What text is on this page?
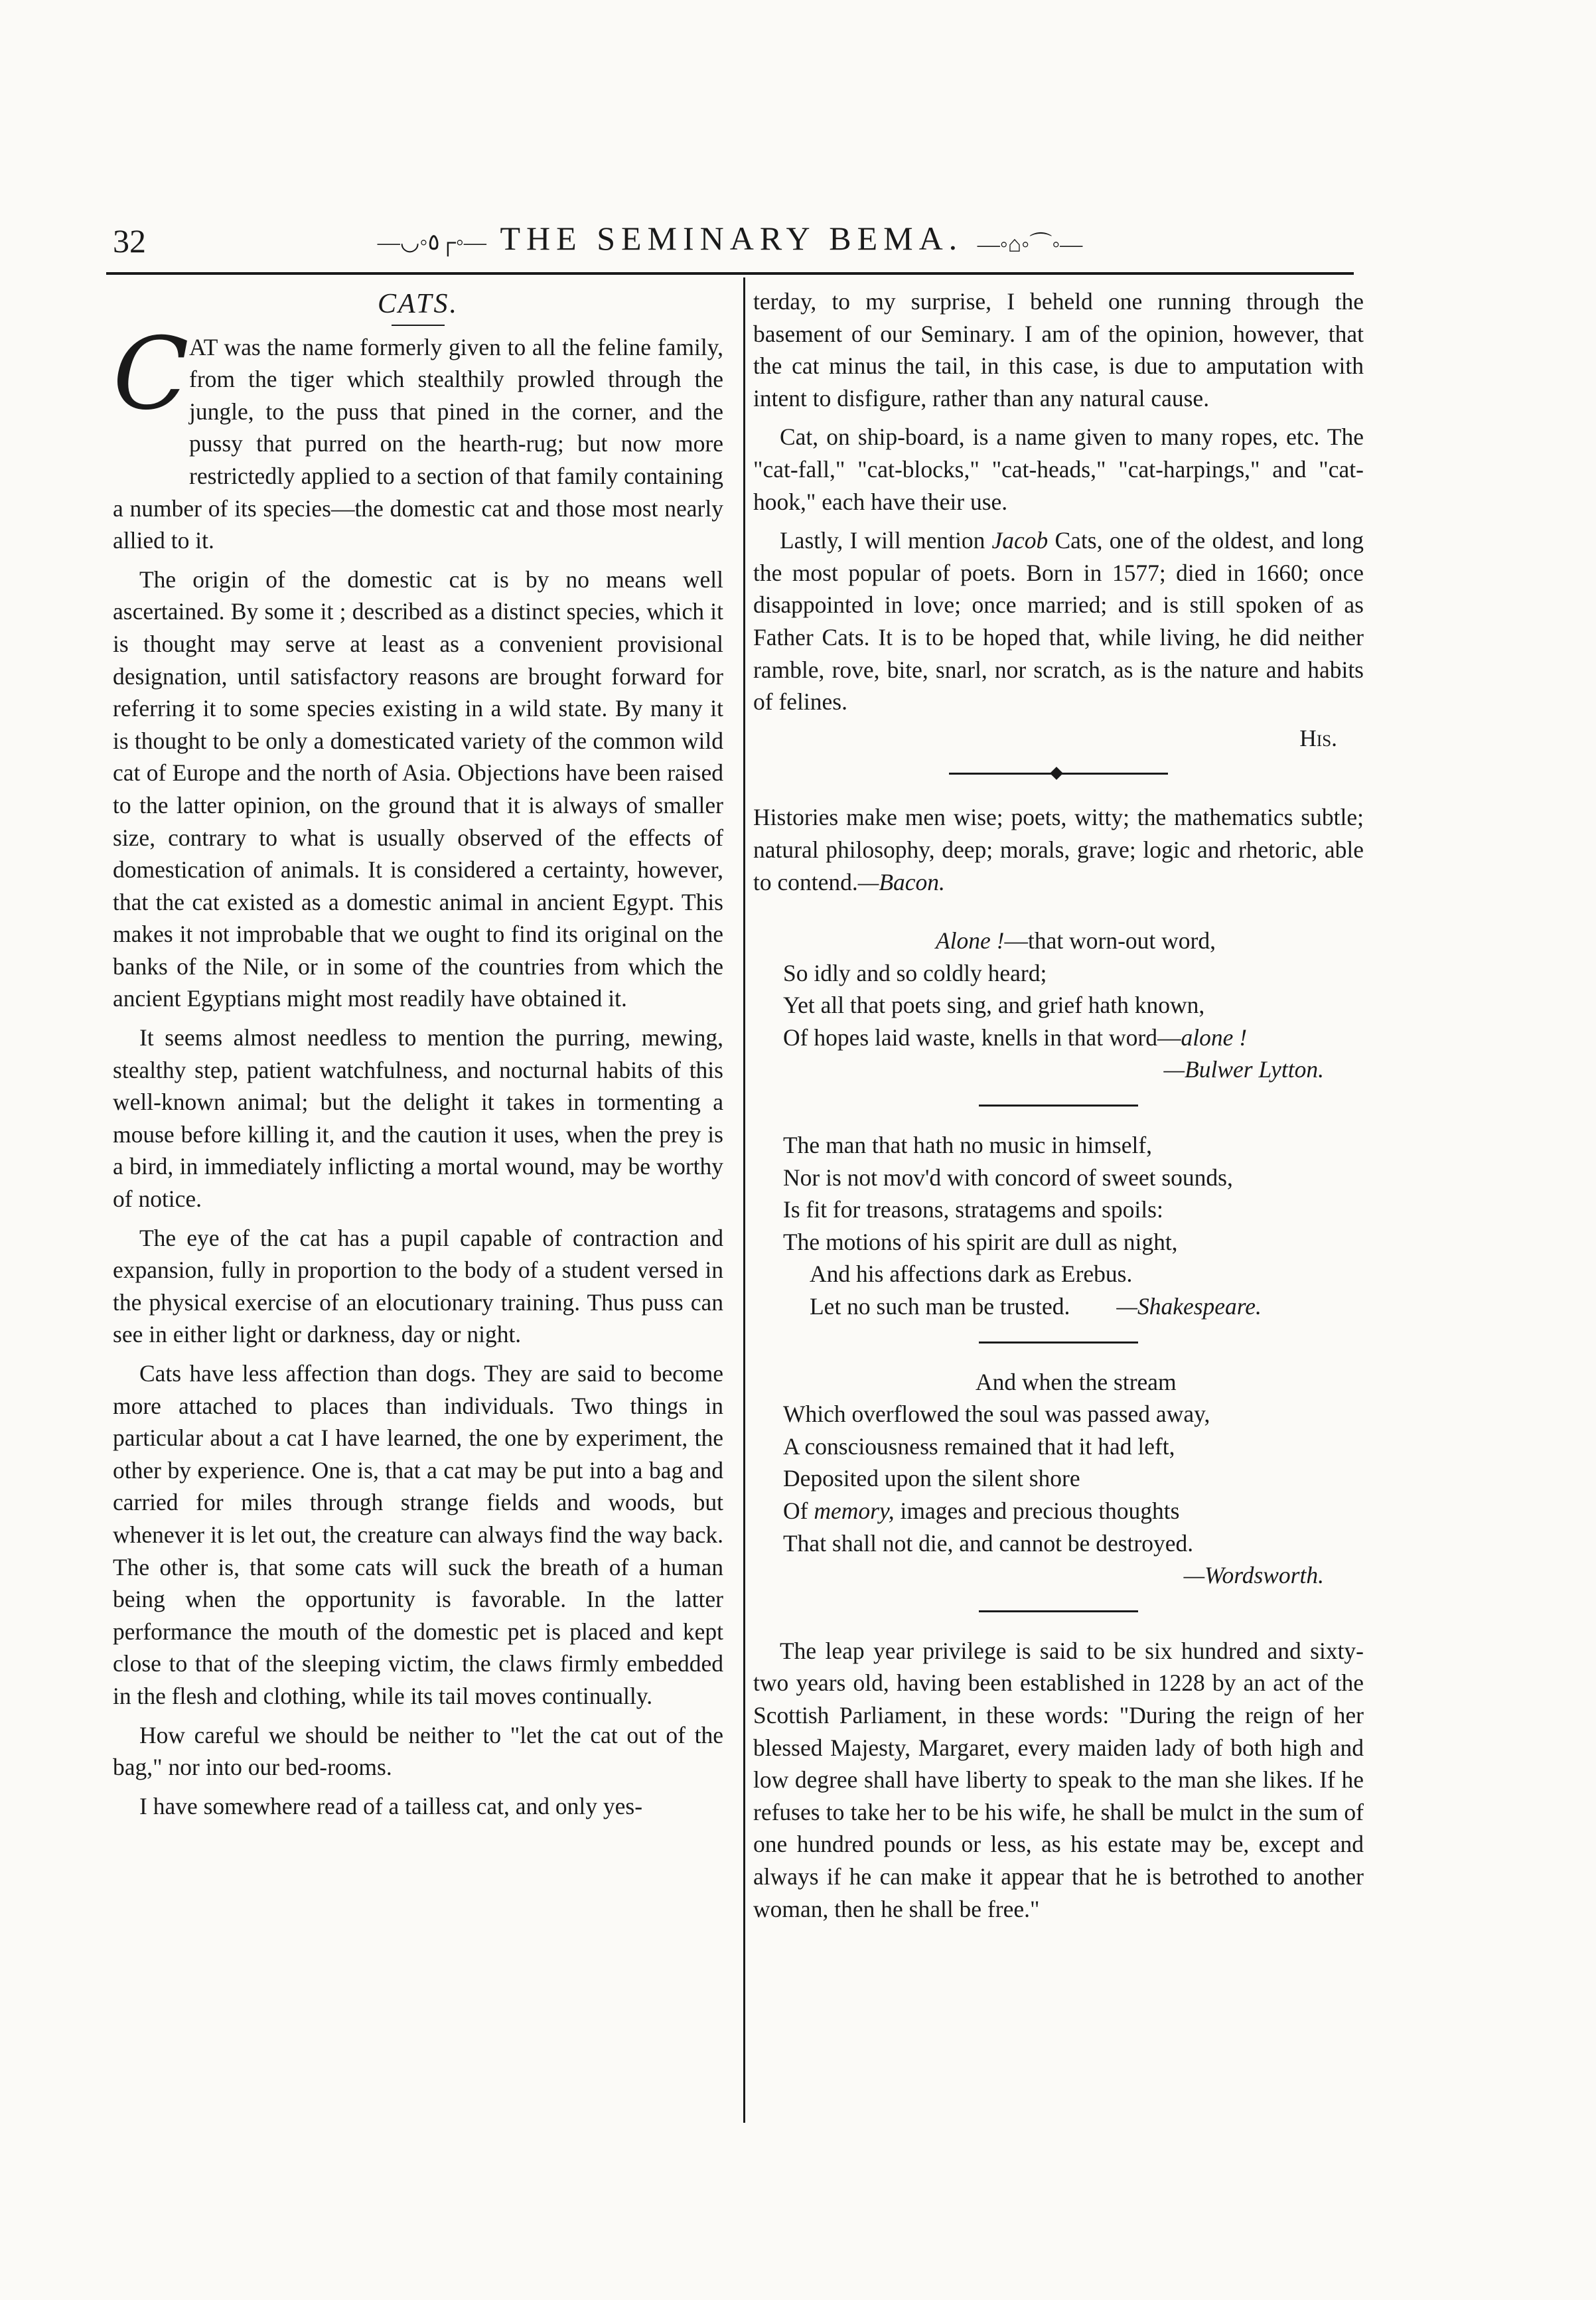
32	—◡◦٥┌◦— THE SEMINARY BEMA. —◦⌂◦⌒◦—
CATS.

CAT was the name formerly given to all the feline family, from the tiger which stealthily prowled through the jungle, to the puss that pined in the corner, and the pussy that purred on the hearth-rug; but now more restrictedly applied to a section of that family containing a number of its species—the domestic cat and those most nearly allied to it.

The origin of the domestic cat is by no means well ascertained. By some it ; described as a distinct species, which it is thought may serve at least as a convenient provisional designation, until satisfactory reasons are brought forward for referring it to some species existing in a wild state. By many it is thought to be only a domesticated variety of the common wild cat of Europe and the north of Asia. Objections have been raised to the latter opinion, on the ground that it is always of smaller size, contrary to what is usually observed of the effects of domestication of animals. It is considered a certainty, however, that the cat existed as a domestic animal in ancient Egypt. This makes it not improbable that we ought to find its original on the banks of the Nile, or in some of the countries from which the ancient Egyptians might most readily have obtained it.

It seems almost needless to mention the purring, mewing, stealthy step, patient watchfulness, and nocturnal habits of this well-known animal; but the delight it takes in tormenting a mouse before killing it, and the caution it uses, when the prey is a bird, in immediately inflicting a mortal wound, may be worthy of notice.

The eye of the cat has a pupil capable of contraction and expansion, fully in proportion to the body of a student versed in the physical exercise of an elocutionary training. Thus puss can see in either light or darkness, day or night.

Cats have less affection than dogs. They are said to become more attached to places than individuals. Two things in particular about a cat I have learned, the one by experiment, the other by experience. One is, that a cat may be put into a bag and carried for miles through strange fields and woods, but whenever it is let out, the creature can always find the way back. The other is, that some cats will suck the breath of a human being when the opportunity is favorable. In the latter performance the mouth of the domestic pet is placed and kept close to that of the sleeping victim, the claws firmly embedded in the flesh and clothing, while its tail moves continually.

How careful we should be neither to "let the cat out of the bag," nor into our bed-rooms.

I have somewhere read of a tailless cat, and only yes-

terday, to my surprise, I beheld one running through the basement of our Seminary. I am of the opinion, however, that the cat minus the tail, in this case, is due to amputation with intent to disfigure, rather than any natural cause.

Cat, on ship-board, is a name given to many ropes, etc. The "cat-fall," "cat-blocks," "cat-heads," "cat-harpings," and "cat-hook," each have their use.

Lastly, I will mention Jacob Cats, one of the oldest, and long the most popular of poets. Born in 1577; died in 1660; once disappointed in love; once married; and is still spoken of as Father Cats. It is to be hoped that, while living, he did neither ramble, rove, bite, snarl, nor scratch, as is the nature and habits of felines.

His.

Histories make men wise; poets, witty; the mathematics subtle; natural philosophy, deep; morals, grave; logic and rhetoric, able to contend.—Bacon.

Alone !—that worn-out word,
So idly and so coldly heard;
Yet all that poets sing, and grief hath known,
Of hopes laid waste, knells in that word—alone !
—Bulwer Lytton.
The man that hath no music in himself,
Nor is not mov'd with concord of sweet sounds,
Is fit for treasons, stratagems and spoils:
The motions of his spirit are dull as night,
And his affections dark as Erebus.
Let no such man be trusted. —Shakespeare.
And when the stream
Which overflowed the soul was passed away,
A consciousness remained that it had left,
Deposited upon the silent shore
Of memory, images and precious thoughts
That shall not die, and cannot be destroyed.
—Wordsworth.

The leap year privilege is said to be six hundred and sixty-two years old, having been established in 1228 by an act of the Scottish Parliament, in these words: "During the reign of her blessed Majesty, Margaret, every maiden lady of both high and low degree shall have liberty to speak to the man she likes. If he refuses to take her to be his wife, he shall be mulct in the sum of one hundred pounds or less, as his estate may be, except and always if he can make it appear that he is betrothed to another woman, then he shall be free."
